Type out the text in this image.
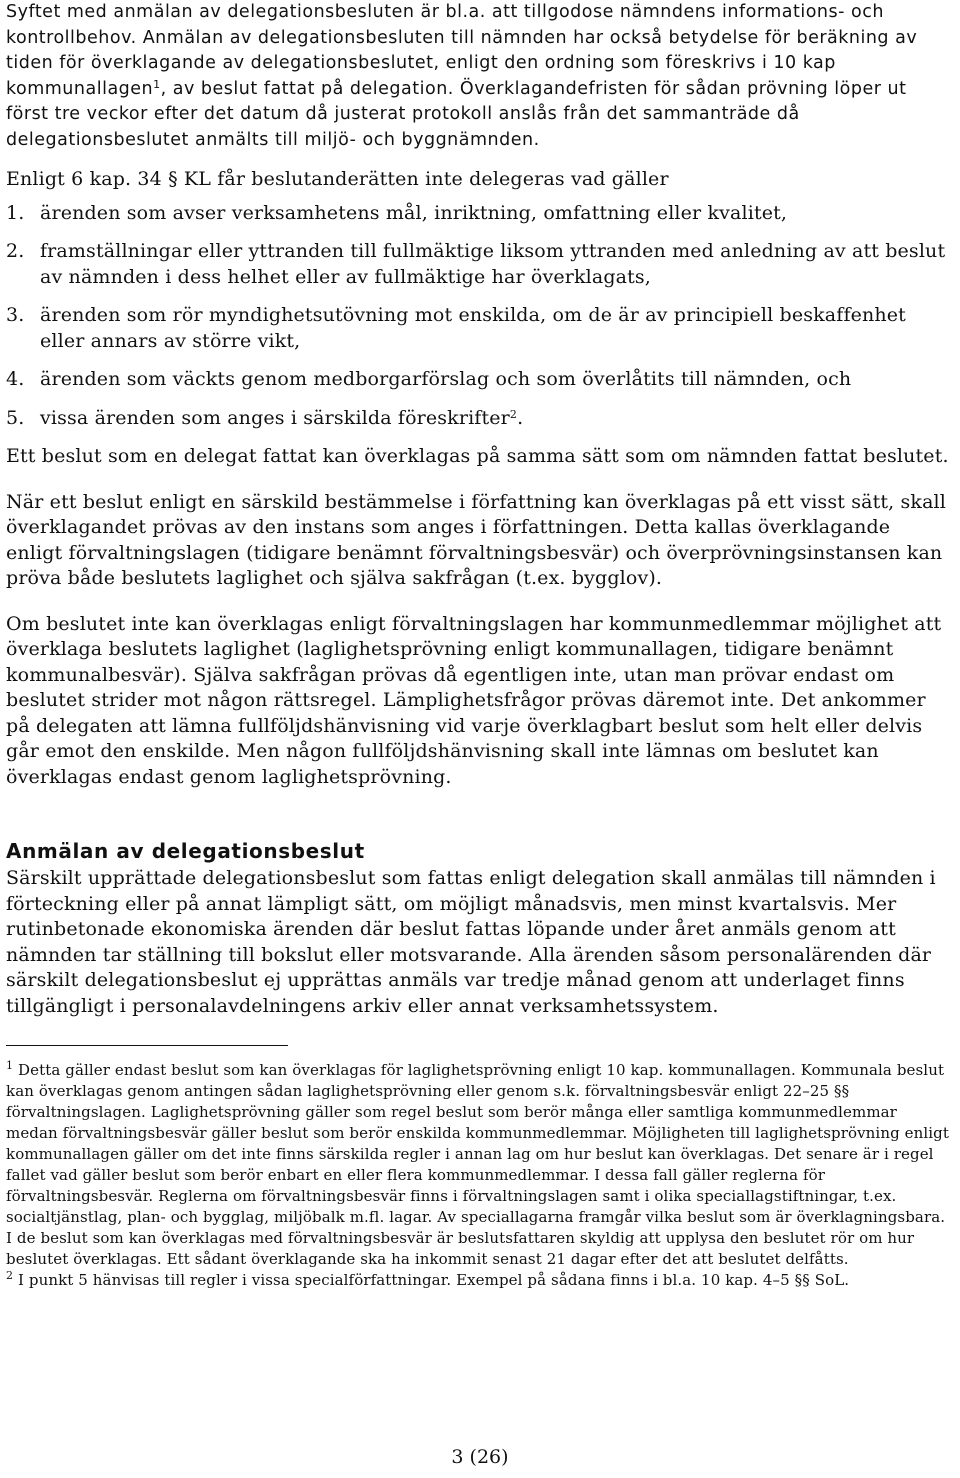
Syftet med anmälan av delegationsbesluten är bl.a. att tillgodose nämndens informations- och kontrollbehov. Anmälan av delegationsbesluten till nämnden har också betydelse för beräkning av tiden för överklagande av delegationsbeslutet, enligt den ordning som föreskrivs i 10 kap kommunallagen$^1$, av beslut fattat på delegation. Överklagandefristen för sådan prövning löper ut först tre veckor efter det datum då justerat protokoll anslås från det sammanträde då delegationsbeslutet anmälts till miljö- och byggnämnden.

Enligt 6 kap. 34 § KL får beslutanderätten inte delegeras vad gäller

1. ärenden som avser verksamhetens mål, inriktning, omfattning eller kvalitet,
2. framställningar eller yttranden till fullmäktige liksom yttranden med anledning av att beslut av nämnden i dess helhet eller av fullmäktige har överklagats,
3. ärenden som rör myndighetsutövning mot enskilda, om de är av principiell beskaffenhet eller annars av större vikt,
4. ärenden som väckts genom medborgarförslag och som överlåtits till nämnden, och
5. vissa ärenden som anges i särskilda föreskrifter$^2$.

Ett beslut som en delegat fattat kan överklagas på samma sätt som om nämnden fattat beslutet.

När ett beslut enligt en särskild bestämmelse i författning kan överklagas på ett visst sätt, skall överklagandet prövas av den instans som anges i författningen. Detta kallas överklagande enligt förvaltningslagen (tidigare benämnt förvaltningsbesvär) och överprövningsinstansen kan pröva både beslutets laglighet och själva sakfrågan (t.ex. bygglov).

Om beslutet inte kan överklagas enligt förvaltningslagen har kommunmedlemmar möjlighet att överklaga beslutets laglighet (laglighetsprövning enligt kommunallagen, tidigare benämnt kommunalbesvär). Själva sakfrågan prövas då egentligen inte, utan man prövar endast om beslutet strider mot någon rättsregel. Lämplighetsfrågor prövas däremot inte. Det ankommer på delegaten att lämna fullföljdshänvisning vid varje överklagbart beslut som helt eller delvis går emot den enskilde. Men någon fullföljdshänvisning skall inte lämnas om beslutet kan överklagas endast genom laglighetsprövning.

Anmälan av delegationsbeslut

Särskilt upprättade delegationsbeslut som fattas enligt delegation skall anmälas till nämnden i förteckning eller på annat lämpligt sätt, om möjligt månadsvis, men minst kvartalsvis. Mer rutinbetonade ekonomiska ärenden där beslut fattas löpande under året anmäls genom att nämnden tar ställning till bokslut eller motsvarande. Alla ärenden såsom personalärenden där särskilt delegationsbeslut ej upprättas anmäls var tredje månad genom att underlaget finns tillgängligt i personalavdelningens arkiv eller annat verksamhetssystem.

$^1$ Detta gäller endast beslut som kan överklagas för laglighetsprövning enligt 10 kap. kommunallagen. Kommunala beslut kan överklagas genom antingen sådan laglighetsprövning eller genom s.k. förvaltningsbesvär enligt 22–25 §§ förvaltningslagen. Laglighetsprövning gäller som regel beslut som berör många eller samtliga kommunmedlemmar medan förvaltningsbesvär gäller beslut som berör enskilda kommunmedlemmar. Möjligheten till laglighetsprövning enligt kommunallagen gäller om det inte finns särskilda regler i annan lag om hur beslut kan överklagas. Det senare är i regel fallet vad gäller beslut som berör enbart en eller flera kommunmedlemmar. I dessa fall gäller reglerna för förvaltningsbesvär. Reglerna om förvaltningsbesvär finns i förvaltningslagen samt i olika speciallagstiftningar, t.ex. socialtjänstlag, plan- och bygglag, miljöbalk m.fl. lagar. Av speciallagarna framgår vilka beslut som är överklagningsbara. I de beslut som kan överklagas med förvaltningsbesvär är beslutsfattaren skyldig att upplysa den beslutet rör om hur beslutet överklagas. Ett sådant överklagande ska ha inkommit senast 21 dagar efter det att beslutet delfåtts.

$^2$ I punkt 5 hänvisas till regler i vissa specialförfattningar. Exempel på sådana finns i bl.a. 10 kap. 4–5 §§ SoL.

3 (26)
